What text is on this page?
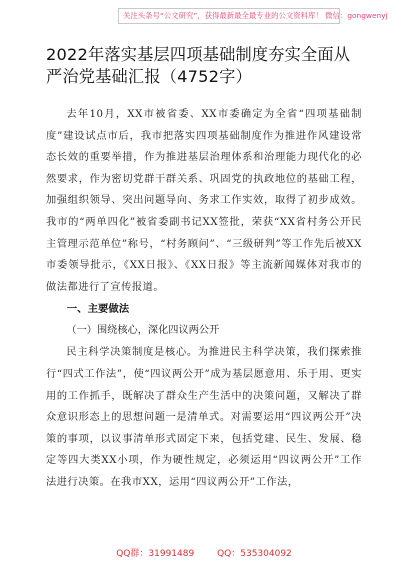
关注头条号“公文研究”，获得最新最全最专业的公文资料库！ 微信：gongwenyj
2022年落实基层四项基础制度夯实全面从严治党基础汇报（4752字）

去年10月，XX市被省委、XX市委确定为全省“四项基础制度”建设试点市后，我市把落实四项基础制度作为推进作风建设常态长效的重要举措，作为推进基层治理体系和治理能力现代化的必然要求，作为密切党群干群关系、巩固党的执政地位的基础工程，加强组织领导、突出问题导向、务求工作实效，取得了初步成效。我市的“两单四化”被省委副书记XX签批，荣获“XX省村务公开民主管理示范单位”称号，“村务顾问”、“三级研判”等工作先后被XX市委领导批示，《XX日报》、《XX日报》等主流新闻媒体对我市的做法都进行了宣传报道。

一、主要做法

（一）围绕核心，深化四议两公开

民主科学决策制度是核心。为推进民主科学决策，我们探索推行“四式工作法”，使“四议两公开”成为基层愿意用、乐于用、更实用的工作抓手，既解决了群众生产生活中的决策问题，又解决了群众意识形态上的思想问题一是清单式。对需要运用“四议两公开”决策的事项，以议事清单形式固定下来，包括党建、民生、发展、稳定等四大类XX小项，作为硬性规定，必须运用“四议两公开”工作法进行决策。在我市XX，运用“四议两公开”工作法，

QQ群：31991489	QQ：535304092
